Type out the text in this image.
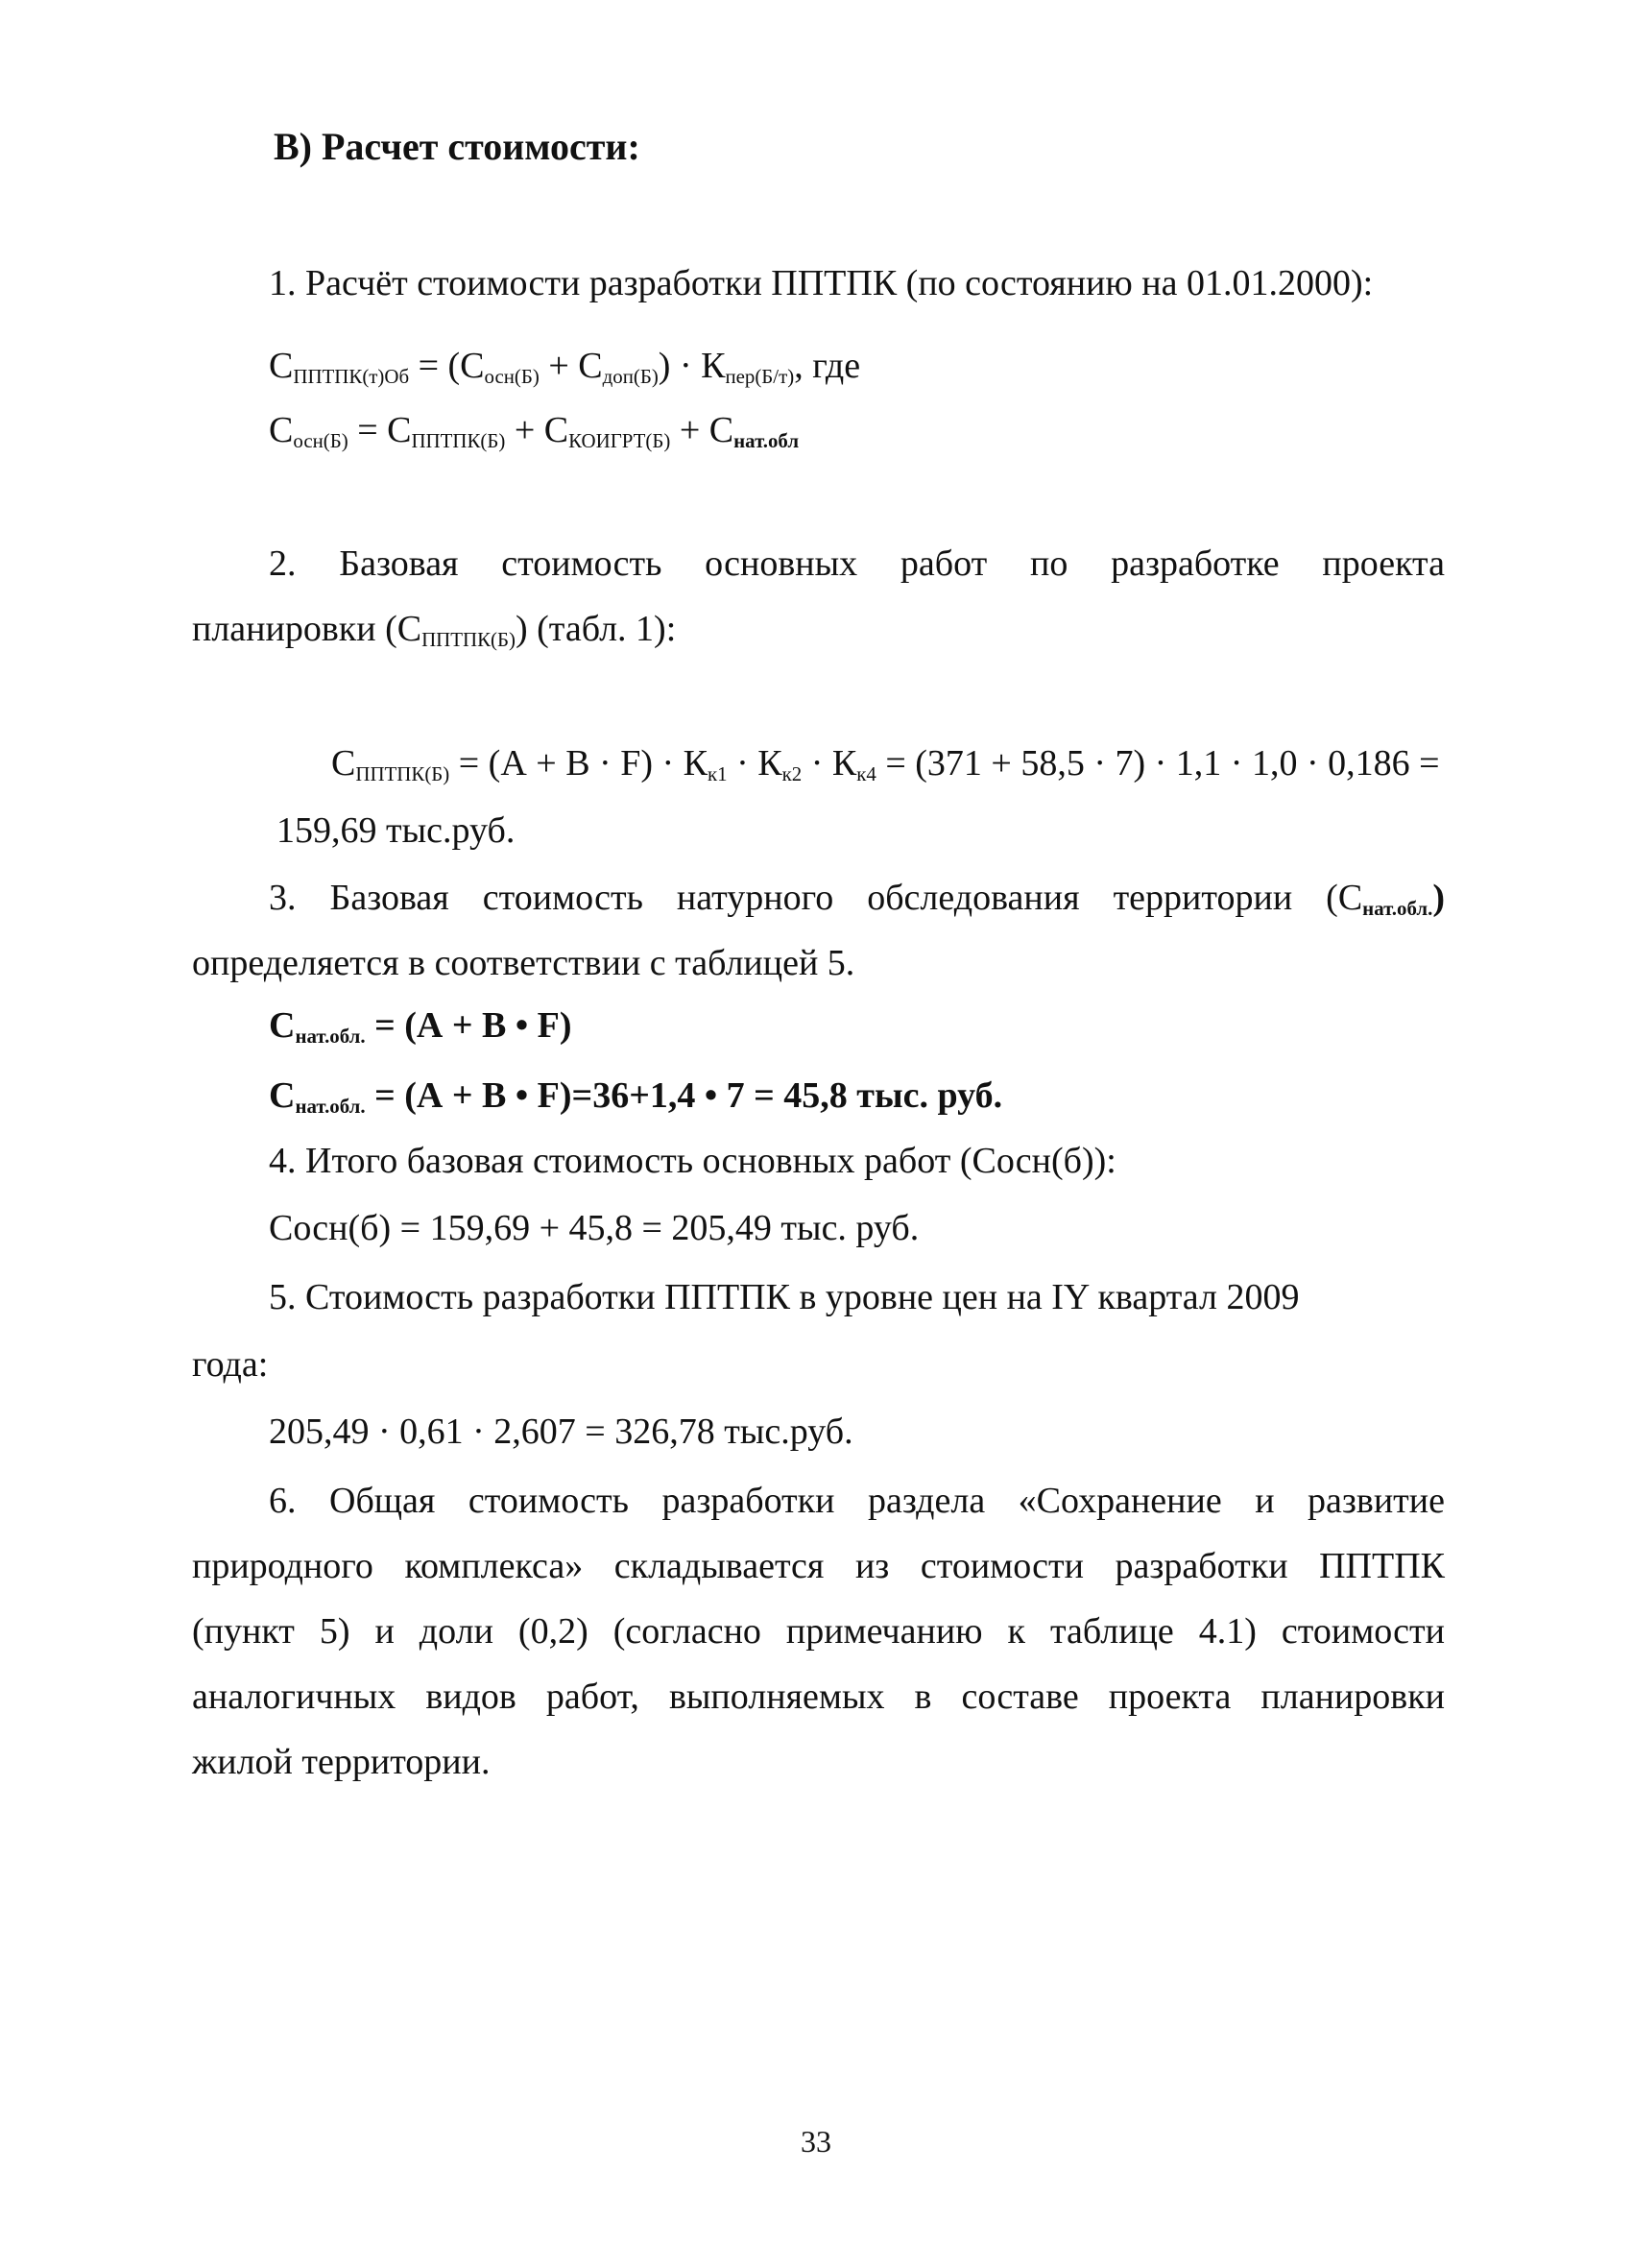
В) Расчет стоимости:

1. Расчёт стоимости разработки ППТПК (по состоянию на 01.01.2000):

$С_{ППТПК(т)Об} = (С_{осн(Б)} + С_{доп(Б)}) \cdot К_{пер(Б/т)}$, где

$С_{осн(Б)} = С_{ППТПК(Б)} + С_{КОИГРТ(Б)} + С_{нат.обл}$

2. Базовая стоимость основных работ по разработке проекта

планировки $(С_{ППТПК(Б)})$ (табл. 1):

$С_{ППТПК(Б)} = (А + В \cdot F) \cdot К_{к1} \cdot К_{к2} \cdot К_{к4} = (371 + 58,5 \cdot 7) \cdot 1,1 \cdot 1,0 \cdot 0,186$ =

159,69 тыс.руб.

3. Базовая стоимость натурного обследования территории $(С_{нат.обл.})$

определяется в соответствии с таблицей 5.

$С_{нат.обл.} = (А + В$ • F)

$С_{нат.обл.} = (А + В$ • F)=36+1,4 • 7 = 45,8 тыс. руб.

4. Итого базовая стоимость основных работ (Сосн(б)):

Сосн(б) = 159,69 + 45,8 = 205,49 тыс. руб.

5. Стоимость разработки ППТПК в уровне цен на IY квартал 2009

года:

205,49 · 0,61 · 2,607 = 326,78 тыс.руб.

6. Общая стоимость разработки раздела «Сохранение и развитие

природного комплекса» складывается из стоимости разработки ППТПК

(пункт 5) и доли (0,2) (согласно примечанию к таблице 4.1) стоимости

аналогичных видов работ, выполняемых в составе проекта планировки

жилой территории.

33
